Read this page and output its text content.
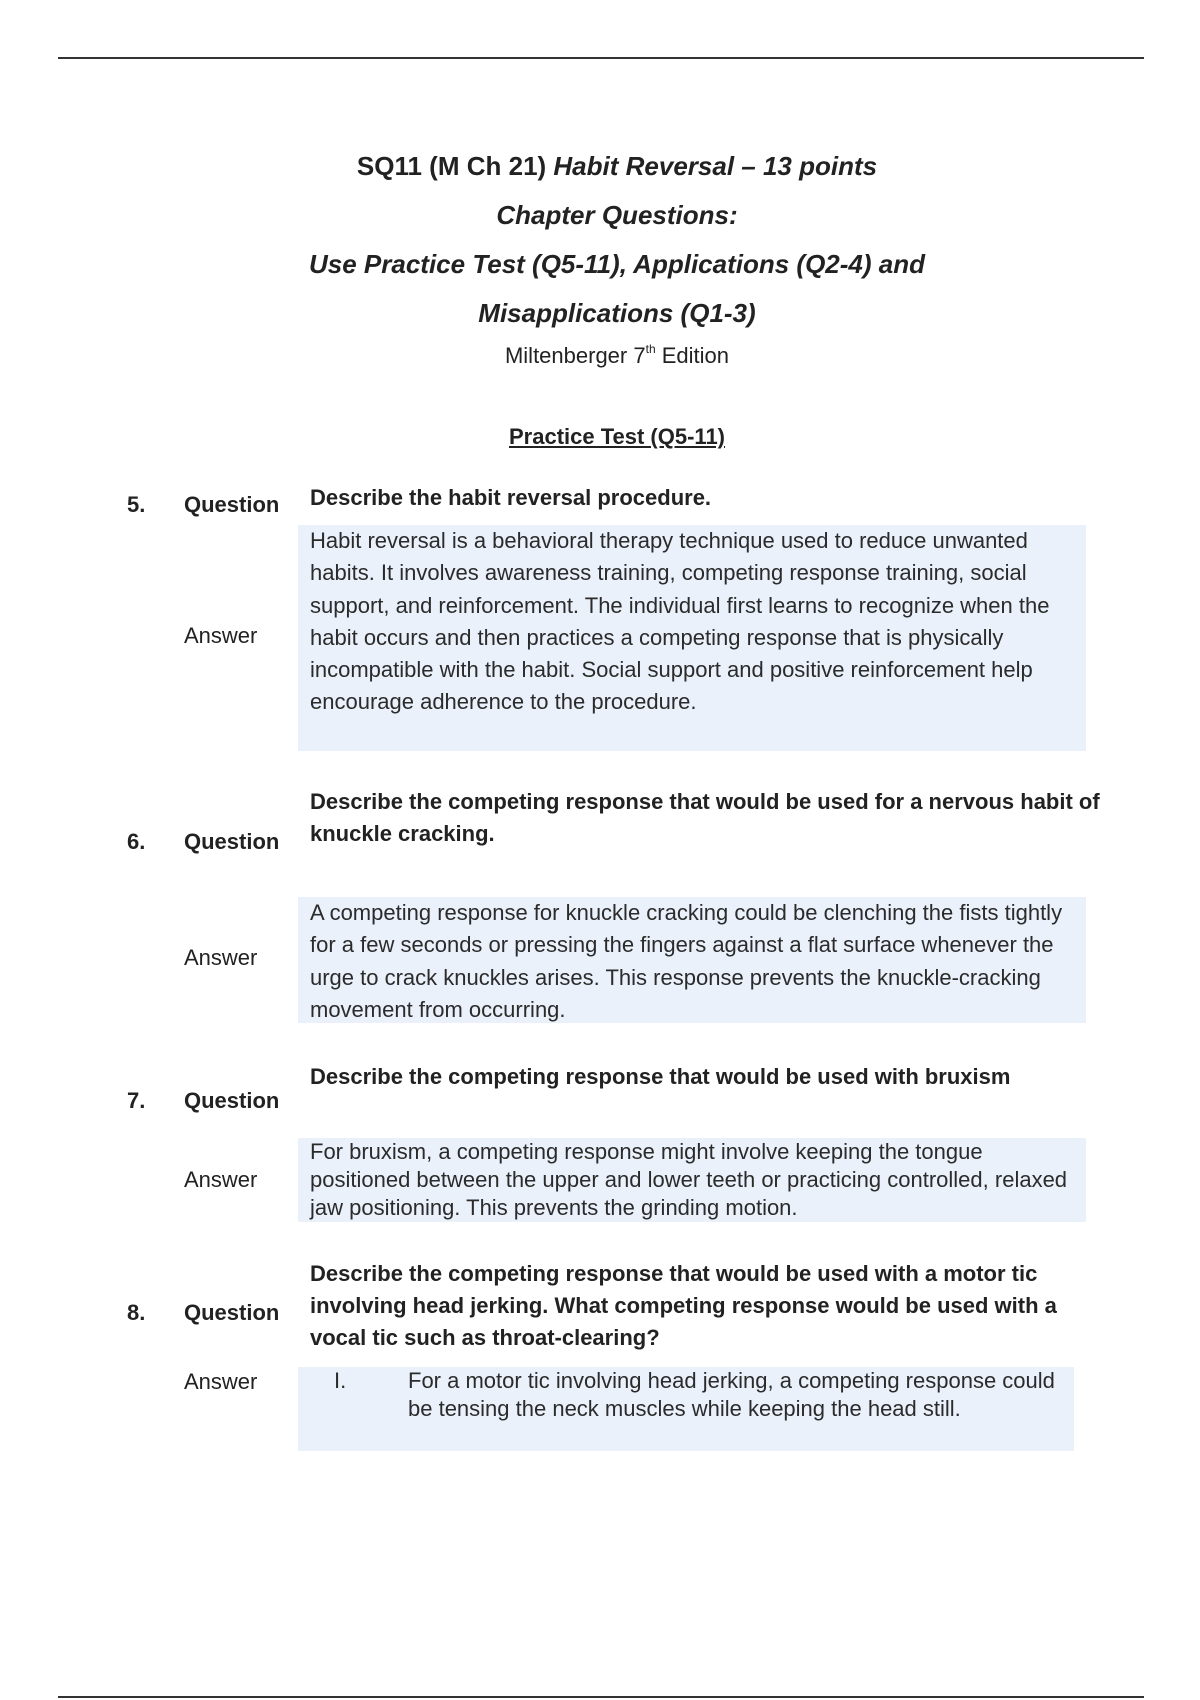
SQ11 (M Ch 21) Habit Reversal – 13 points
Chapter Questions:
Use Practice Test (Q5-11), Applications (Q2-4) and
Misapplications (Q1-3)
Miltenberger 7th Edition
Practice Test (Q5-11)
5. Question Describe the habit reversal procedure.
Answer
Habit reversal is a behavioral therapy technique used to reduce unwanted habits. It involves awareness training, competing response training, social support, and reinforcement. The individual first learns to recognize when the habit occurs and then practices a competing response that is physically incompatible with the habit. Social support and positive reinforcement help encourage adherence to the procedure.
6. Question
Describe the competing response that would be used for a nervous habit of knuckle cracking.
Answer
A competing response for knuckle cracking could be clenching the fists tightly for a few seconds or pressing the fingers against a flat surface whenever the urge to crack knuckles arises. This response prevents the knuckle-cracking movement from occurring.
7. Question
Describe the competing response that would be used with bruxism
Answer
For bruxism, a competing response might involve keeping the tongue positioned between the upper and lower teeth or practicing controlled, relaxed jaw positioning. This prevents the grinding motion.
8. Question
Describe the competing response that would be used with a motor tic involving head jerking. What competing response would be used with a vocal tic such as throat-clearing?
Answer	I.	For a motor tic involving head jerking, a competing response could be tensing the neck muscles while keeping the head still.
